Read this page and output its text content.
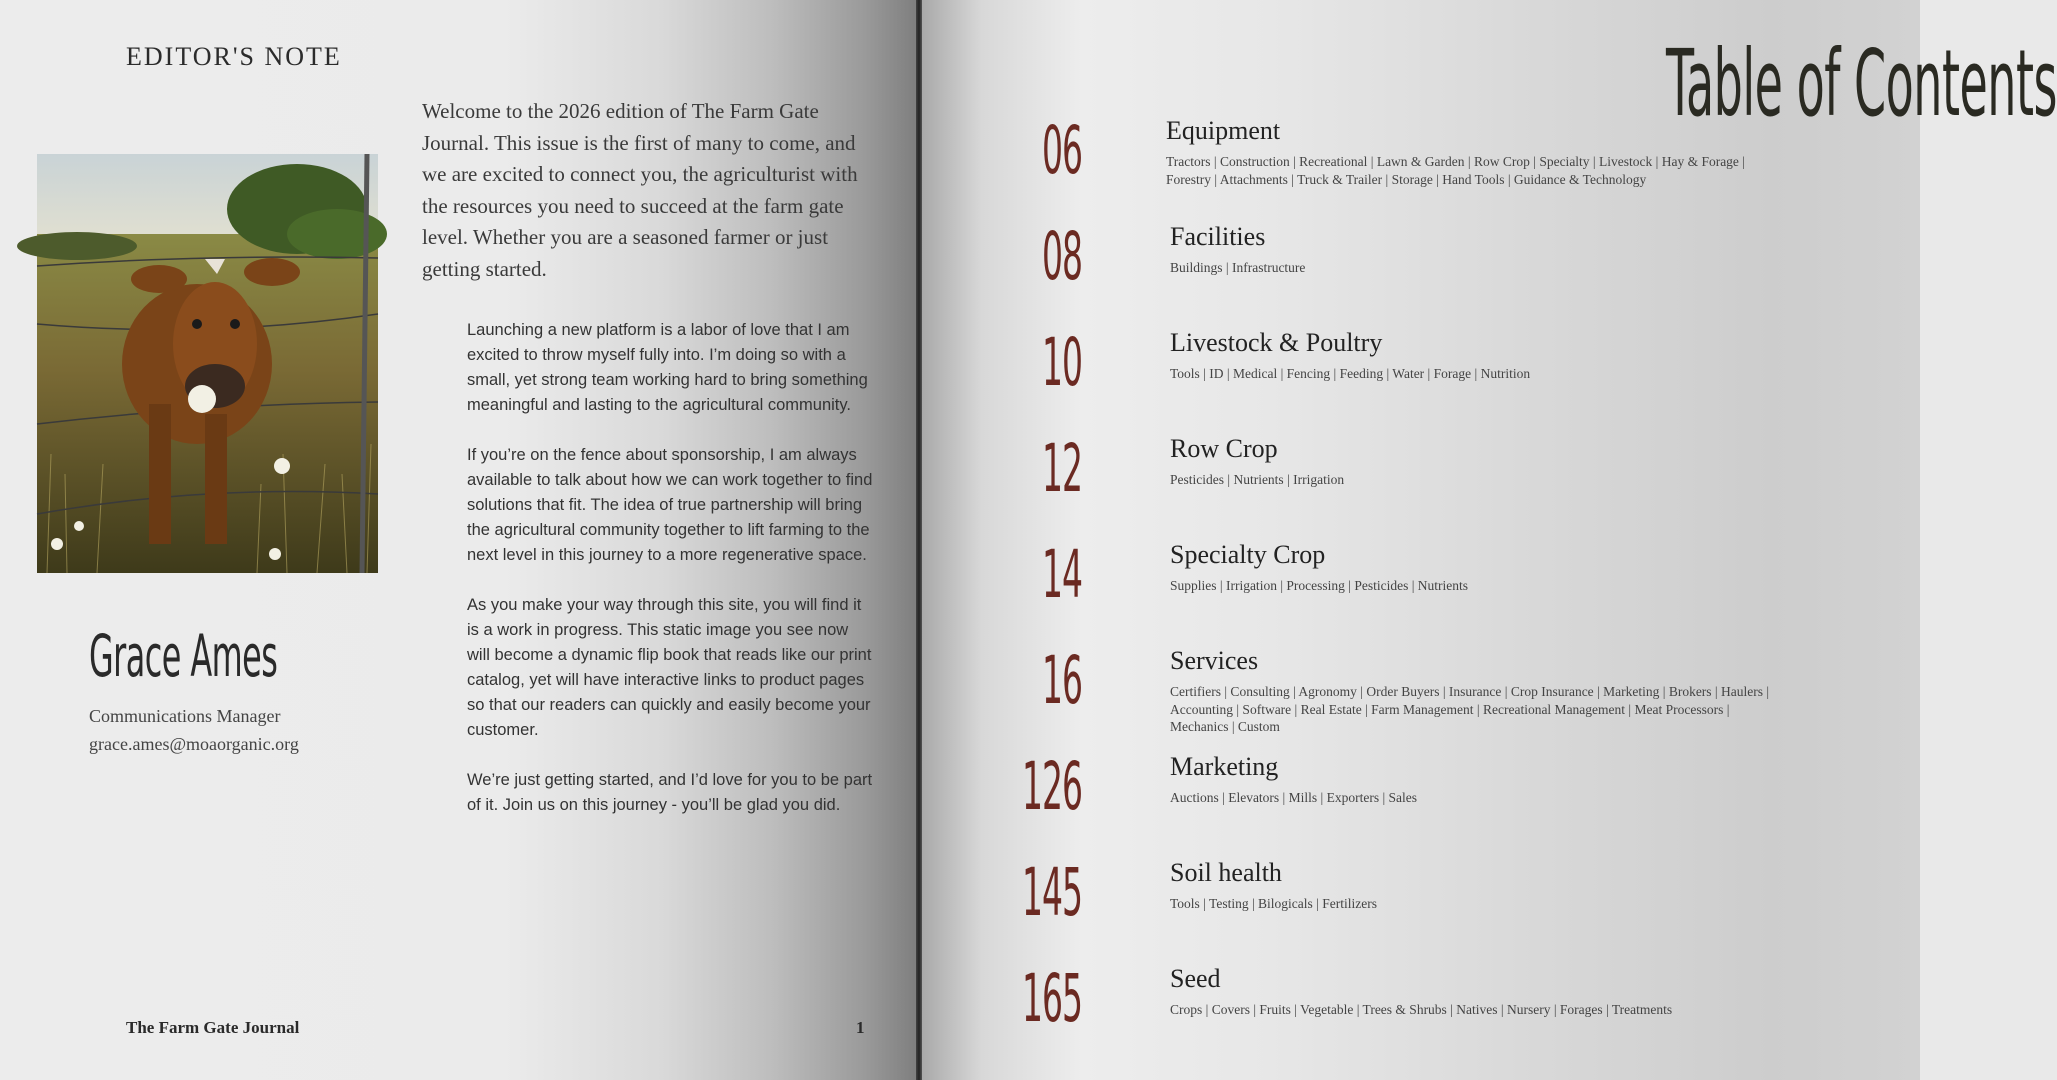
EDITOR'S NOTE

Welcome to the 2026 edition of The Farm Gate Journal. This issue is the first of many to come, and we are excited to connect you, the agriculturist with the resources you need to succeed at the farm gate level. Whether you are a seasoned farmer or just getting started.

Launching a new platform is a labor of love that I am excited to throw myself fully into. I’m doing so with a small, yet strong team working hard to bring something meaningful and lasting to the agricultural community.

If you’re on the fence about sponsorship, I am always available to talk about how we can work together to find solutions that fit. The idea of true partnership will bring the agricultural community together to lift farming to the next level in this journey to a more regenerative space.

As you make your way through this site, you will find it is a work in progress. This static image you see now will become a dynamic flip book that reads like our print catalog, yet will have interactive links to product pages so that our readers can quickly and easily become your customer.

We’re just getting started, and I’d love for you to be part of it. Join us on this journey - you’ll be glad you did.

Grace Ames
Communications Manager
grace.ames@moaorganic.org
The Farm Gate Journal	1
Table of Contents
06	Equipment

Tractors | Construction | Recreational | Lawn & Garden | Row Crop | Specialty | Livestock | Hay & Forage | Forestry | Attachments | Truck & Trailer | Storage | Hand Tools | Guidance & Technology

08	Facilities

Buildings | Infrastructure

10	Livestock & Poultry

Tools | ID | Medical | Fencing | Feeding | Water | Forage | Nutrition

12	Row Crop

Pesticides | Nutrients | Irrigation

14	Specialty Crop

Supplies | Irrigation | Processing | Pesticides | Nutrients

16	Services

Certifiers | Consulting | Agronomy | Order Buyers | Insurance | Crop Insurance | Marketing | Brokers | Haulers | Accounting | Software | Real Estate | Farm Management | Recreational Management | Meat Processors | Mechanics | Custom

126	Marketing

Auctions | Elevators | Mills | Exporters | Sales

145	Soil health

Tools | Testing | Bilogicals | Fertilizers

165	Seed

Crops | Covers | Fruits | Vegetable | Trees & Shrubs | Natives | Nursery | Forages | Treatments
